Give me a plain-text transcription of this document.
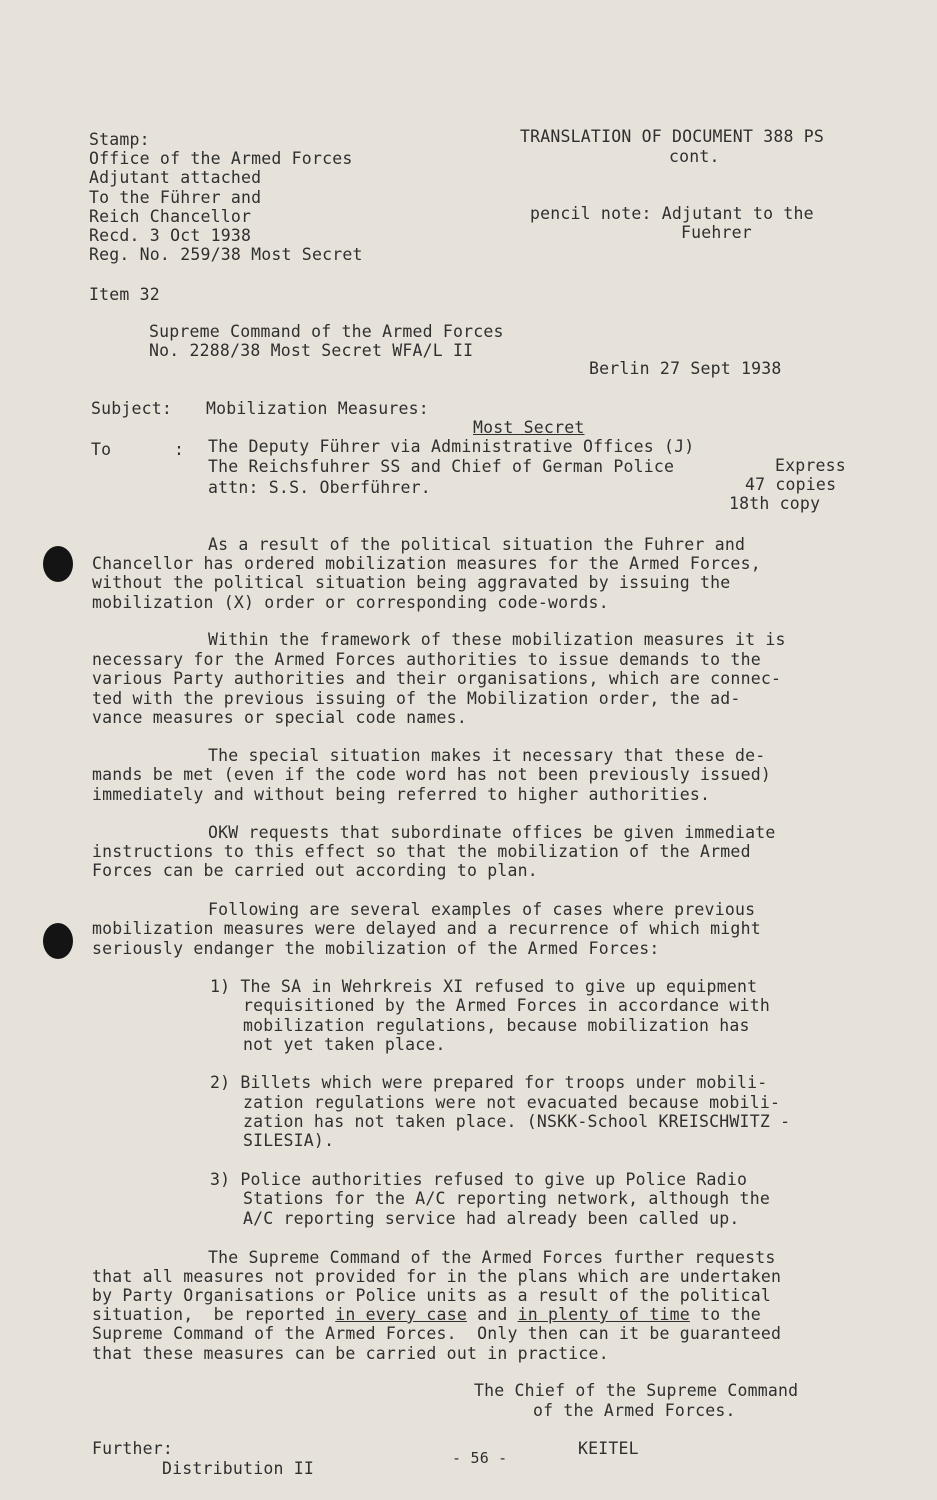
Stamp:
Office of the Armed Forces
Adjutant attached
To the Führer and
Reich Chancellor
Recd. 3 Oct 1938
Reg. No. 259/38 Most Secret
TRANSLATION OF DOCUMENT 388 PS
cont.
pencil note: Adjutant to the
Fuehrer
Item 32
Supreme Command of the Armed Forces
No. 2288/38 Most Secret WFA/L II
Berlin 27 Sept 1938
Subject: Mobilization Measures:
Most Secret
To	: The Deputy Führer via Administrative Offices (J)
The Reichsfuhrer SS and Chief of German Police
attn: S.S. Oberführer.
Express
47 copies
18th copy
As a result of the political situation the Fuhrer and
Chancellor has ordered mobilization measures for the Armed Forces,
without the political situation being aggravated by issuing the
mobilization (X) order or corresponding code-words.
Within the framework of these mobilization measures it is
necessary for the Armed Forces authorities to issue demands to the
various Party authorities and their organisations, which are connec-
ted with the previous issuing of the Mobilization order, the ad-
vance measures or special code names.
The special situation makes it necessary that these de-
mands be met (even if the code word has not been previously issued)
immediately and without being referred to higher authorities.
OKW requests that subordinate offices be given immediate
instructions to this effect so that the mobilization of the Armed
Forces can be carried out according to plan.
Following are several examples of cases where previous
mobilization measures were delayed and a recurrence of which might
seriously endanger the mobilization of the Armed Forces:
1) The SA in Wehrkreis XI refused to give up equipment
requisitioned by the Armed Forces in accordance with
mobilization regulations, because mobilization has
not yet taken place.
2) Billets which were prepared for troops under mobili-
zation regulations were not evacuated because mobili-
zation has not taken place. (NSKK-School KREISCHWITZ -
SILESIA).
3) Police authorities refused to give up Police Radio
Stations for the A/C reporting network, although the
A/C reporting service had already been called up.
The Supreme Command of the Armed Forces further requests
that all measures not provided for in the plans which are undertaken
by Party Organisations or Police units as a result of the political
situation,  be reported in every case and in plenty of time to the
Supreme Command of the Armed Forces.  Only then can it be guaranteed
that these measures can be carried out in practice.
The Chief of the Supreme Command
of the Armed Forces.
KEITEL
Further:
Distribution II
- 56 -
